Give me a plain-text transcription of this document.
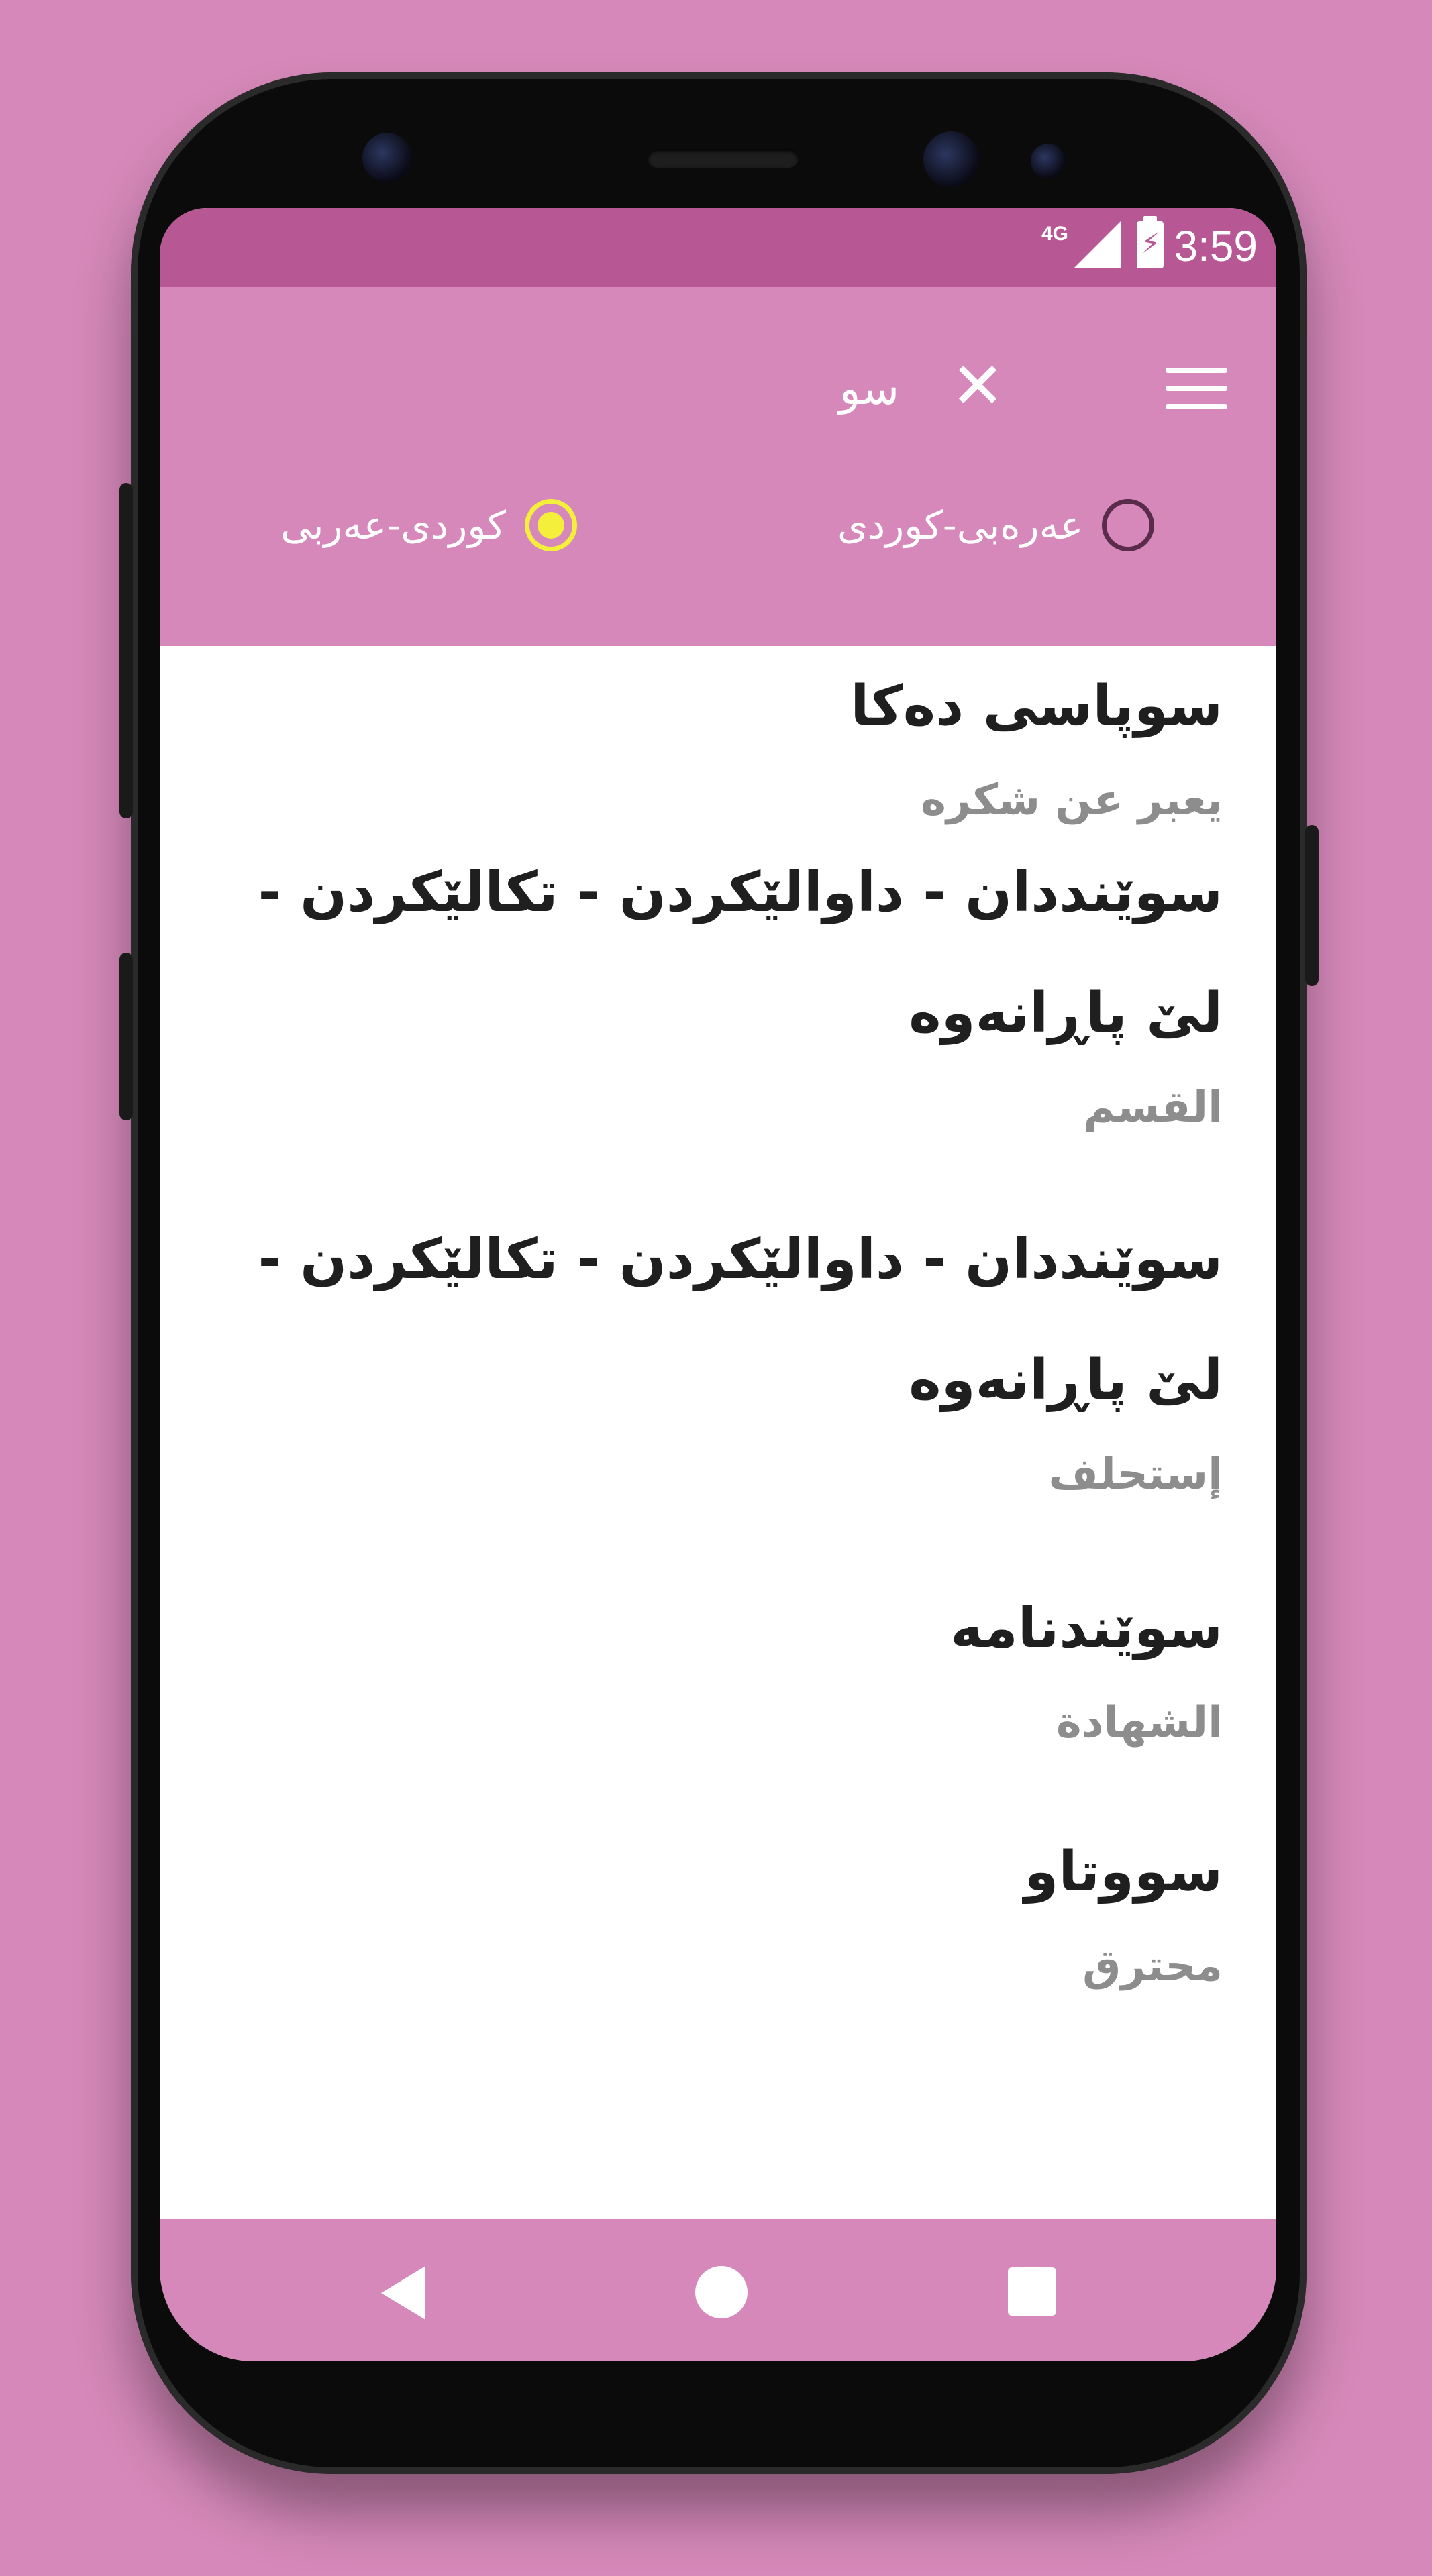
4G	⚡ 3:59
✕
سو
عەرەبی-کوردی
کوردی-عەربی
سوپاسی دەکا
يعبر عن شكره
سوێنددان - داوالێکردن - تکالێکردن - لێ پاڕانەوە
القسم
سوێنددان - داوالێکردن - تکالێکردن - لێ پاڕانەوە
إستحلف
سوێندنامە
الشهادة
سووتاو
محترق
